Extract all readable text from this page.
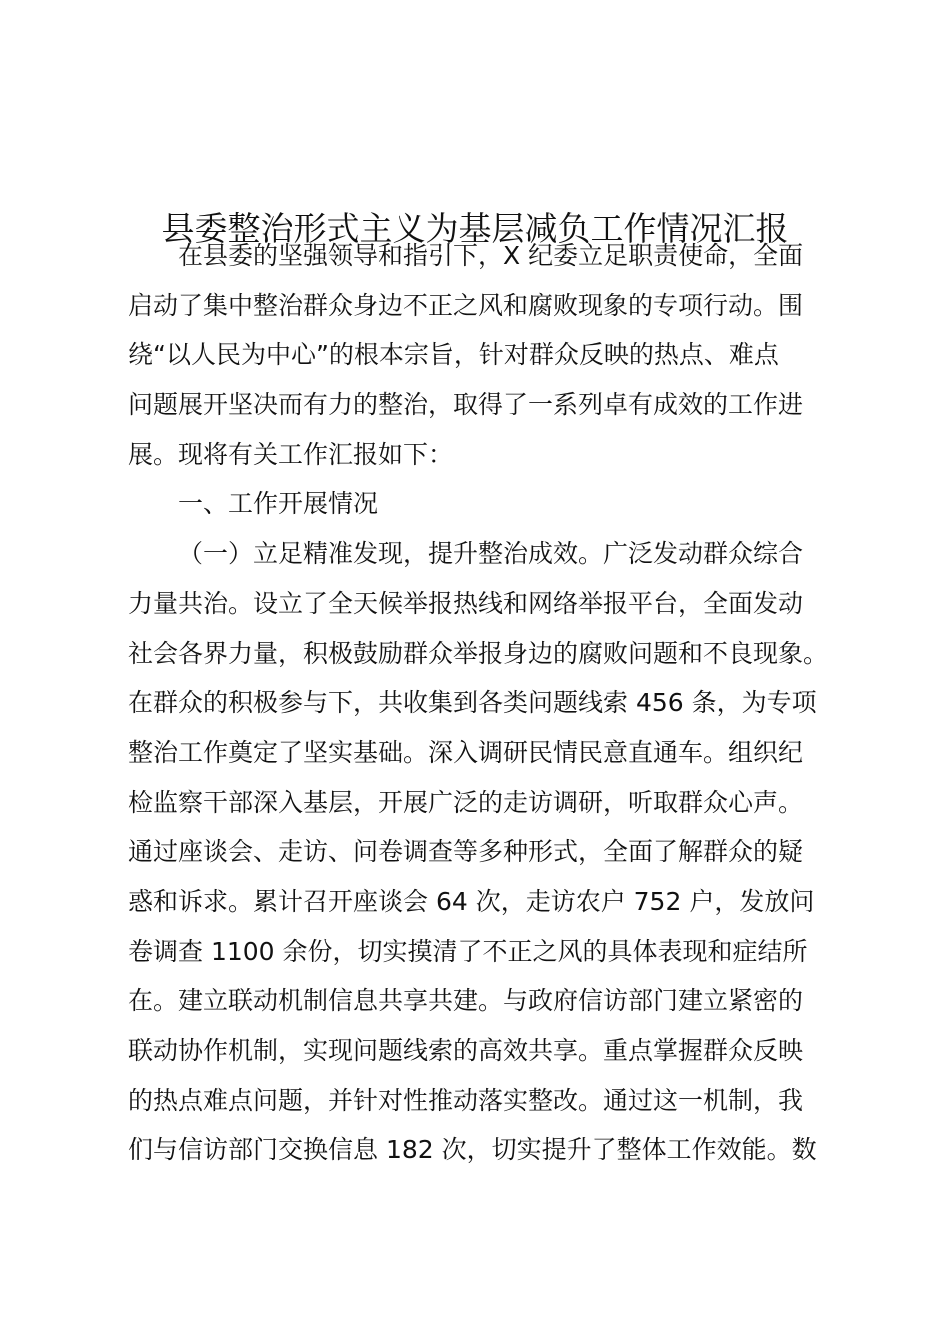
县委整治形式主义为基层减负工作情况汇报
在县委的坚强领导和指引下，X 纪委立足职责使命，全面
启动了集中整治群众身边不正之风和腐败现象的专项行动。围
绕“以人民为中心”的根本宗旨，针对群众反映的热点、难点
问题展开坚决而有力的整治，取得了一系列卓有成效的工作进
展。现将有关工作汇报如下：
一、工作开展情况
（一）立足精准发现，提升整治成效。广泛发动群众综合
力量共治。设立了全天候举报热线和网络举报平台，全面发动
社会各界力量，积极鼓励群众举报身边的腐败问题和不良现象。
在群众的积极参与下，共收集到各类问题线索 456 条，为专项
整治工作奠定了坚实基础。深入调研民情民意直通车。组织纪
检监察干部深入基层，开展广泛的走访调研，听取群众心声。
通过座谈会、走访、问卷调查等多种形式，全面了解群众的疑
惑和诉求。累计召开座谈会 64 次，走访农户 752 户，发放问
卷调查 1100 余份，切实摸清了不正之风的具体表现和症结所
在。建立联动机制信息共享共建。与政府信访部门建立紧密的
联动协作机制，实现问题线索的高效共享。重点掌握群众反映
的热点难点问题，并针对性推动落实整改。通过这一机制，我
们与信访部门交换信息 182 次，切实提升了整体工作效能。数
